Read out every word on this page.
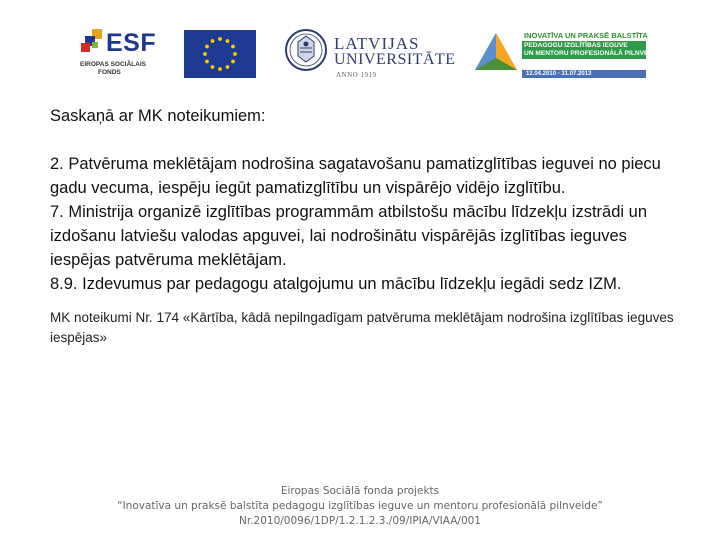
ESF
EIROPAS SOCIĀLAIS
FONDS
LATVIJAS
UNIVERSITĀTE
ANNO 1919
INOVATĪVA UN PRAKSĒ BALSTĪTA
PEDAGOGU IZGLĪTĪBAS IEGUVE
UN MENTORU PROFESIONĀLĀ PILNVEIDE
12.04.2010 - 31.07.2013

Saskaņā ar MK noteikumiem:

2. Patvēruma meklētājam nodrošina sagatavošanu pamatizglītības ieguvei no piecu gadu vecuma, iespēju iegūt pamatizglītību un vispārējo vidējo izglītību.

7. Ministrija organizē izglītības programmām atbilstošu mācību līdzekļu izstrādi un izdošanu latviešu valodas apguvei, lai nodrošinātu vispārējās izglītības ieguves iespējas patvēruma meklētājam.

8.9. Izdevumus par pedagogu atalgojumu un mācību līdzekļu iegādi sedz IZM.

MK noteikumi Nr. 174 «Kārtība, kādā nepilngadīgam patvēruma meklētājam nodrošina izglītības ieguves iespējas»

Eiropas Sociālā fonda projekts
“Inovatīva un praksē balstīta pedagogu izglītības ieguve un mentoru profesionālā pilnveide”
Nr.2010/0096/1DP/1.2.1.2.3./09/IPIA/VIAA/001
